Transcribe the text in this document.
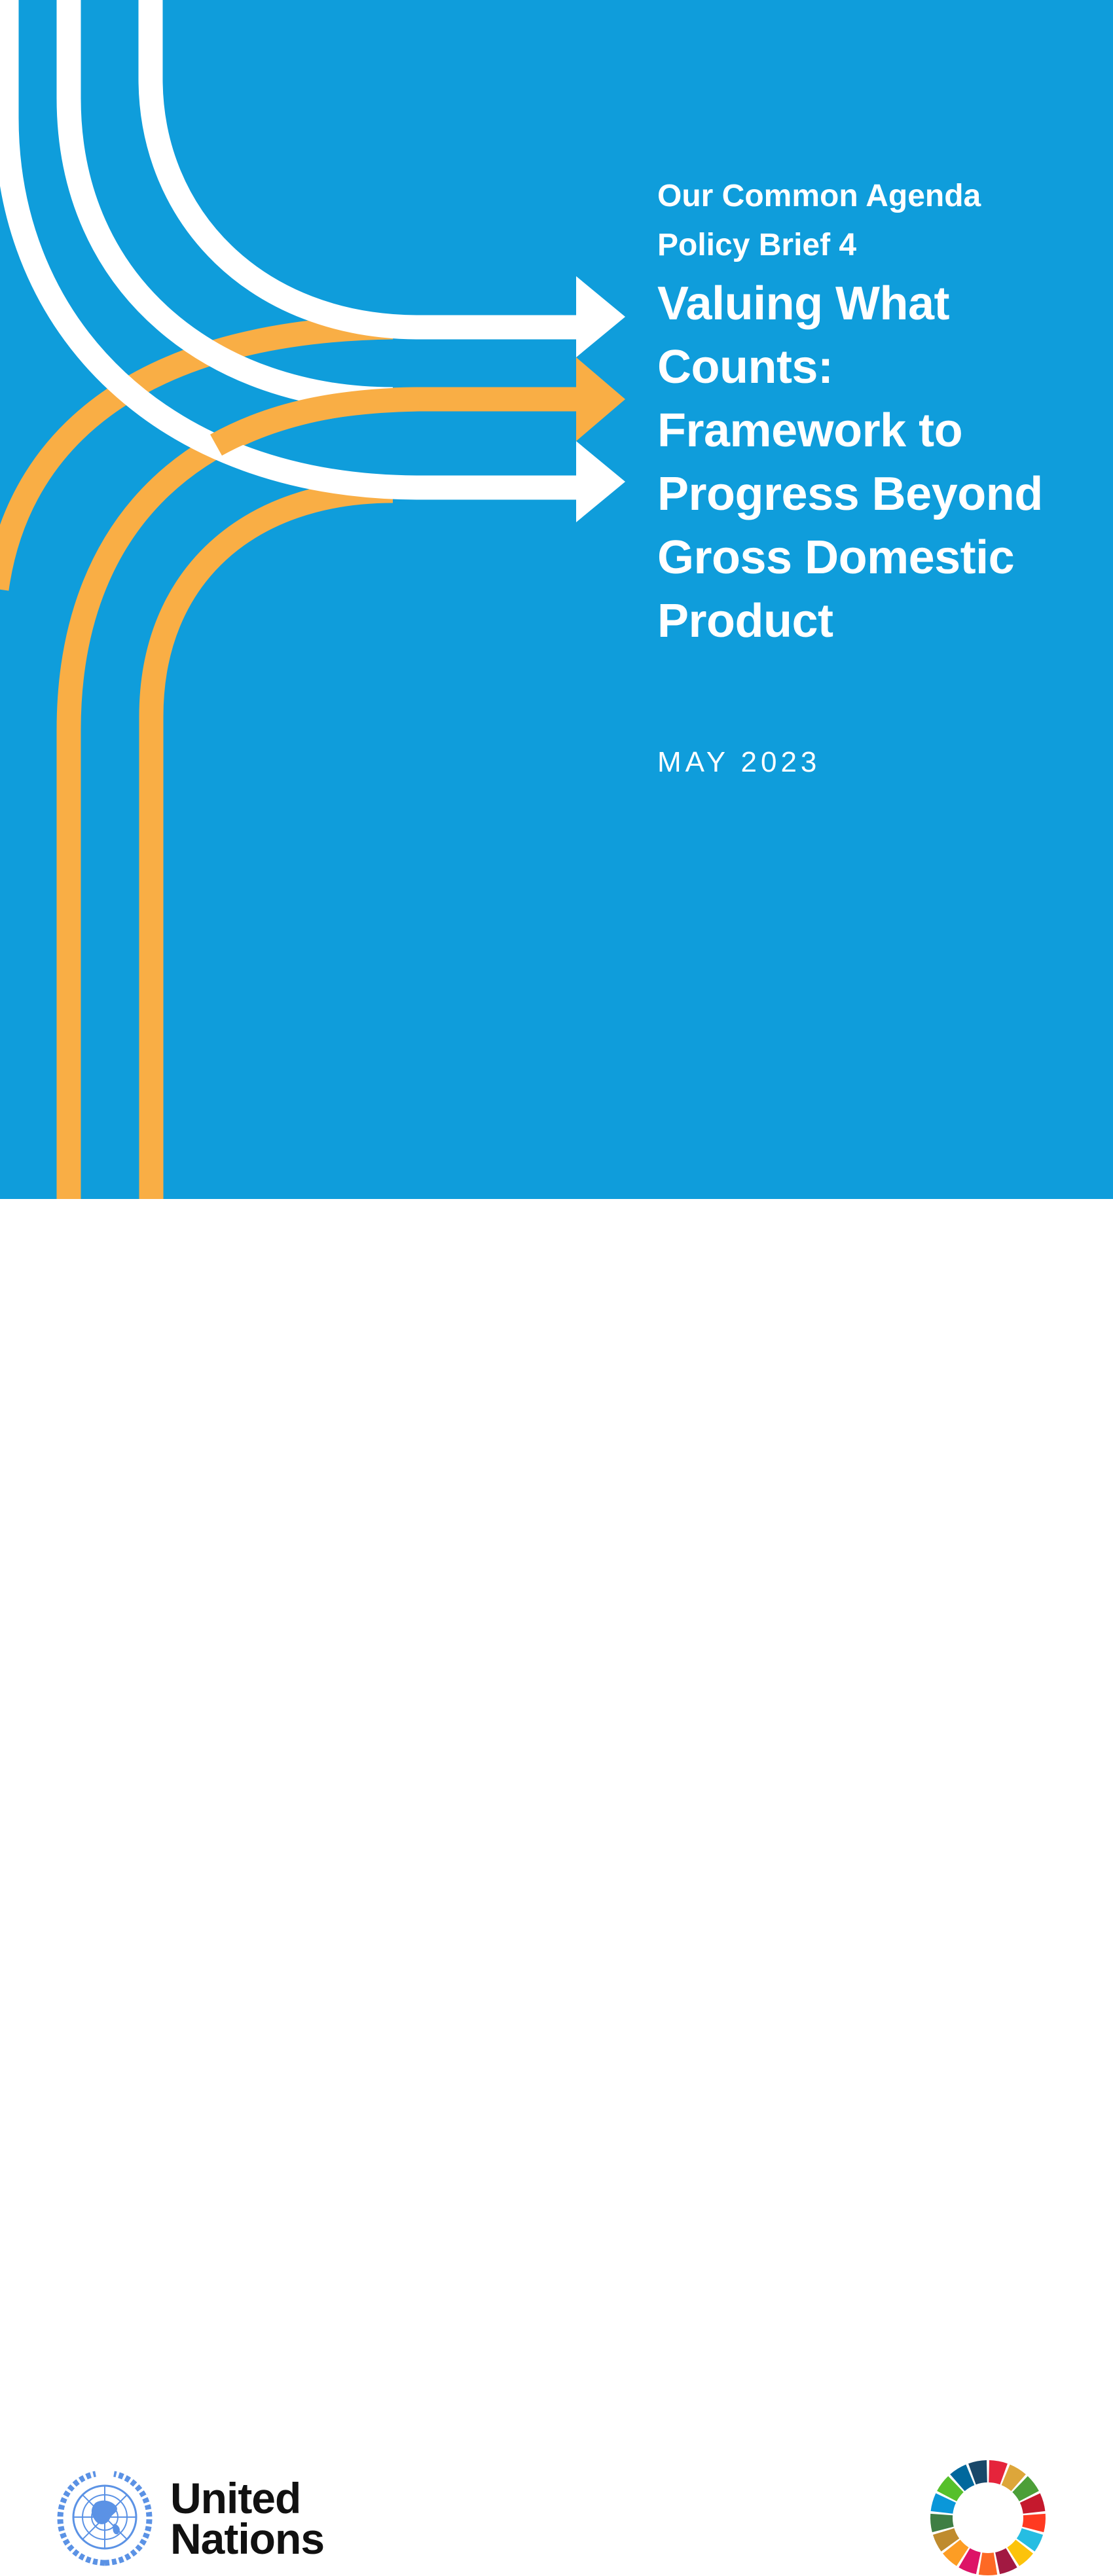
Our Common Agenda

Policy Brief 4

Valuing What
Counts:
Framework to
Progress Beyond
Gross Domestic
Product

MAY 2023

United
Nations
